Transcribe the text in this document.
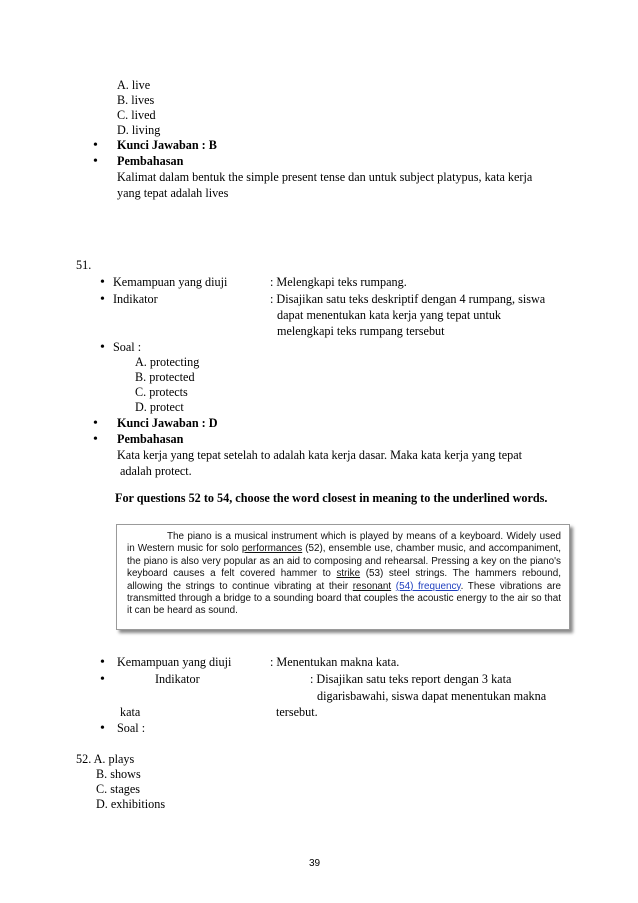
A. live
B. lives
C. lived
D. living
•
Kunci Jawaban : B
•
Pembahasan
Kalimat dalam bentuk the simple present tense dan untuk subject platypus, kata kerja
yang tepat adalah lives
51.
•
Kemampuan yang diuji	: Melengkapi teks rumpang.
•
Indikator	: Disajikan satu teks deskriptif dengan 4 rumpang, siswa
dapat menentukan kata kerja yang tepat untuk
melengkapi teks rumpang tersebut
•
Soal :
A. protecting
B. protected
C. protects
D. protect
•
Kunci Jawaban : D
•
Pembahasan
Kata kerja yang tepat setelah to adalah kata kerja dasar. Maka kata kerja yang tepat
adalah protect.
For questions 52 to 54, choose the word closest in meaning to the underlined words.

The piano is a musical instrument which is played by means of a keyboard. Widely used in Western music for solo performances (52), ensemble use, chamber music, and accompaniment, the piano is also very popular as an aid to composing and rehearsal. Pressing a key on the piano's keyboard causes a felt covered hammer to strike (53) steel strings. The hammers rebound, allowing the strings to continue vibrating at their resonant (54) frequency. These vibrations are transmitted through a bridge to a sounding board that couples the acoustic energy to the air so that it can be heard as sound.

•
Kemampuan yang diuji	: Menentukan makna kata.
•
Indikator	: Disajikan satu teks report dengan 3 kata
digarisbawahi, siswa dapat menentukan makna
kata	tersebut.
•
Soal :
52. A. plays
B. shows
C. stages
D. exhibitions
39
